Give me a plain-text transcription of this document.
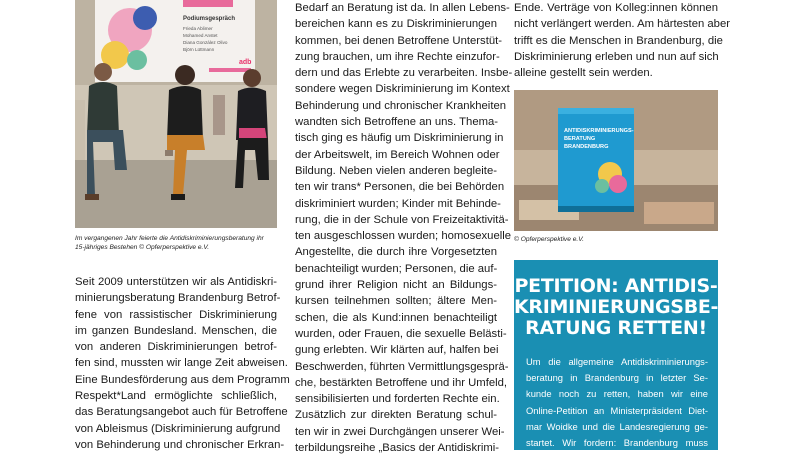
Podiumsgespräch
Frieda Ablimer
Mohamed Anstet
Diana González Olivo
Björn Lüttmann
adb
Im vergangenen Jahr feierte die Antidiskriminierungsberatung ihr
15-jähriges Bestehen © Opferperspektive e.V.
Seit 2009 unterstützen wir als Antidiskri-
minierungsberatung Brandenburg Betrof-
fene von rassistischer Diskriminierung
im ganzen Bundesland. Menschen, die
von anderen Diskriminierungen betrof-
fen sind, mussten wir lange Zeit abweisen.
Eine Bundesförderung aus dem Programm
Respekt*Land ermöglichte schließlich,
das Beratungsangebot auch für Betroffene
von Ableismus (Diskriminierung aufgrund
von Behinderung und chronischer Erkran-
Bedarf an Beratung ist da. In allen Lebens-
bereichen kann es zu Diskriminierungen
kommen, bei denen Betroffene Unterstüt-
zung brauchen, um ihre Rechte einzufor-
dern und das Erlebte zu verarbeiten. Insbe-
sondere wegen Diskriminierung im Kontext
Behinderung und chronischer Krankheiten
wandten sich Betroffene an uns. Thema-
tisch ging es häufig um Diskriminierung in
der Arbeitswelt, im Bereich Wohnen oder
Bildung. Neben vielen anderen begleite-
ten wir trans* Personen, die bei Behörden
diskriminiert wurden; Kinder mit Behinde-
rung, die in der Schule von Freizeitaktivitä-
ten ausgeschlossen wurden; homosexuelle
Angestellte, die durch ihre Vorgesetzten
benachteiligt wurden; Personen, die auf-
grund ihrer Religion nicht an Bildungs-
kursen teilnehmen sollten; ältere Men-
schen, die als Kund:innen benachteiligt
wurden, oder Frauen, die sexuelle Belästi-
gung erlebten. Wir klärten auf, halfen bei
Beschwerden, führten Vermittlungsgesprä-
che, bestärkten Betroffene und ihr Umfeld,
sensibilisierten und forderten Rechte ein.
Zusätzlich zur direkten Beratung schul-
ten wir in zwei Durchgängen unserer Wei-
terbildungsreihe „Basics der Antidiskrimi-
Ende. Verträge von Kolleg:innen können
nicht verlängert werden. Am härtesten aber
trifft es die Menschen in Brandenburg, die
Diskriminierung erleben und nun auf sich
alleine gestellt sein werden.
ANTIDISKRIMINIERUNGS-
BERATUNG
BRANDENBURG
© Opferperspektive e.V.
PETITION: ANTIDIS-
KRIMINIERUNGSBE-
RATUNG RETTEN!
Um die allgemeine Antidiskriminierungs-
beratung in Brandenburg in letzter Se-
kunde noch zu retten, haben wir eine
Online-Petition an Ministerpräsident Diet-
mar Woidke und die Landesregierung ge-
startet. Wir fordern: Brandenburg muss
